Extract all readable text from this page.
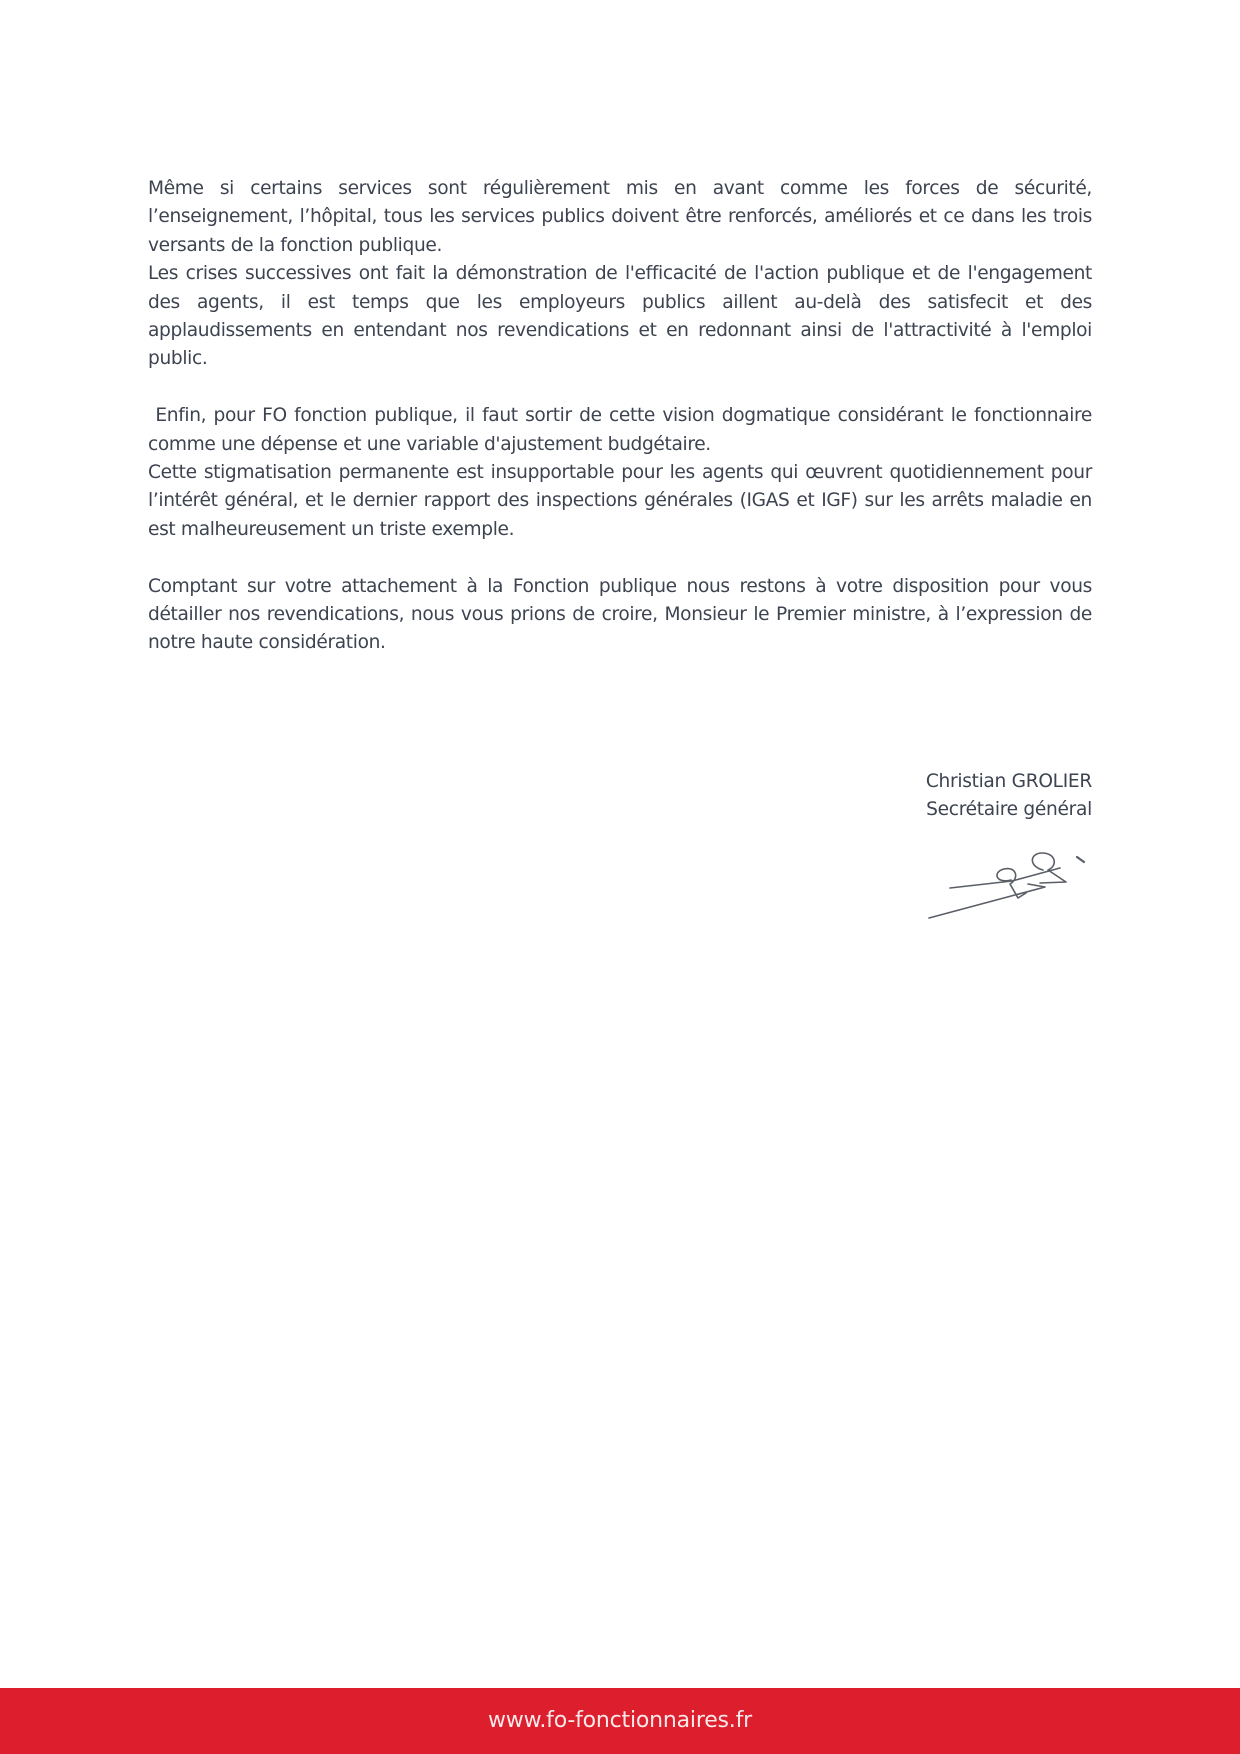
Même si certains services sont régulièrement mis en avant comme les forces de sécurité, l’enseignement, l’hôpital, tous les services publics doivent être renforcés, améliorés et ce dans les trois versants de la fonction publique.

Les crises successives ont fait la démonstration de l'efficacité de l'action publique et de l'engagement des agents, il est temps que les employeurs publics aillent au-delà des satisfecit et des applaudissements en entendant nos revendications et en redonnant ainsi de l'attractivité à l'emploi public.

Enfin, pour FO fonction publique, il faut sortir de cette vision dogmatique considérant le fonctionnaire comme une dépense et une variable d'ajustement budgétaire.

Cette stigmatisation permanente est insupportable pour les agents qui œuvrent quotidiennement pour l’intérêt général, et le dernier rapport des inspections générales (IGAS et IGF) sur les arrêts maladie en est malheureusement un triste exemple.

Comptant sur votre attachement à la Fonction publique nous restons à votre disposition pour vous détailler nos revendications, nous vous prions de croire, Monsieur le Premier ministre, à l’expression de notre haute considération.

Christian GROLIER
Secrétaire général
www.fo-fonctionnaires.fr
